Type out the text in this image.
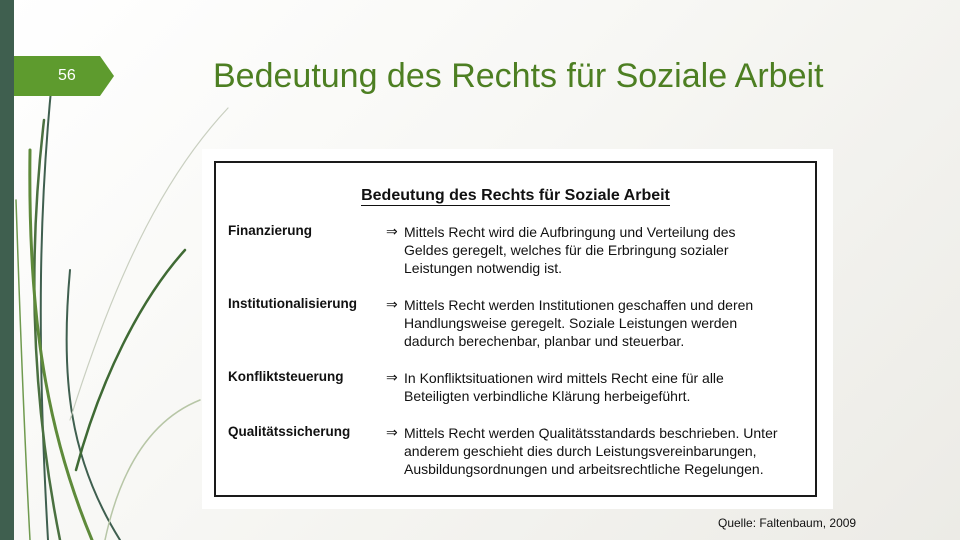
56	Bedeutung des Rechts für Soziale Arbeit
Bedeutung des Rechts für Soziale Arbeit
Finanzierung	⇒ Mittels Recht wird die Aufbringung und Verteilung des
Geldes geregelt, welches für die Erbringung sozialer
Leistungen notwendig ist.
Institutionalisierung ⇒ Mittels Recht werden Institutionen geschaffen und deren
Handlungsweise geregelt. Soziale Leistungen werden
dadurch berechenbar, planbar und steuerbar.
Konfliktsteuerung	⇒ In Konfliktsituationen wird mittels Recht eine für alle
Beteiligten verbindliche Klärung herbeigeführt.
Qualitätssicherung	⇒ Mittels Recht werden Qualitätsstandards beschrieben. Unter
anderem geschieht dies durch Leistungsvereinbarungen,
Ausbildungsordnungen und arbeitsrechtliche Regelungen.
Quelle: Faltenbaum, 2009
